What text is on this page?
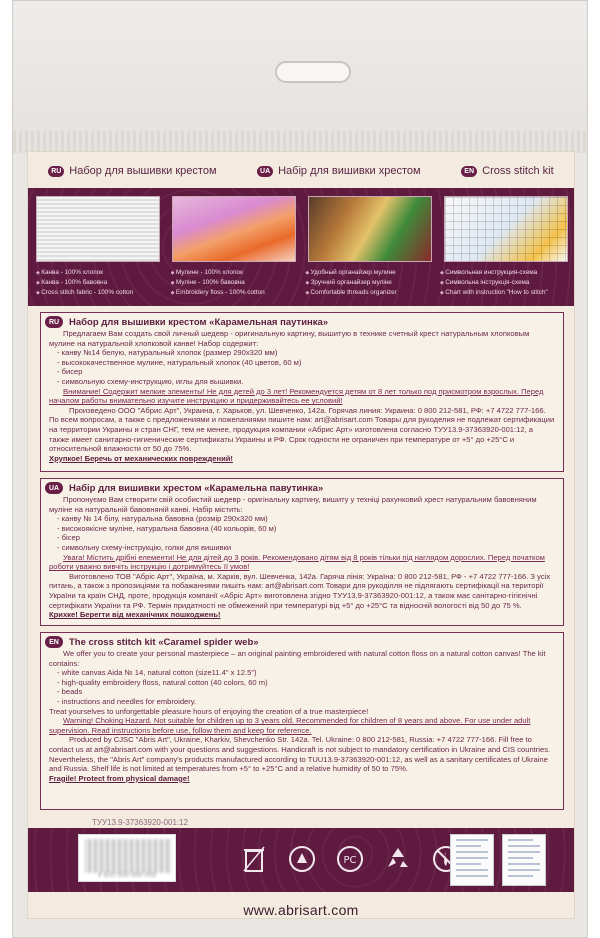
RU Набор для вышивки крестом	UA Набір для вишивки хрестом	EN Cross stitch kit
◆ Канва - 100% хлопок
◆ Канва - 100% бавовна
◆ Cross stitch fabric - 100% cotton
◆ Мулине - 100% хлопок
◆ Муліне - 100% бавовна
◆ Embroidery floss - 100% cotton
◆ Удобный органайзер мулине
◆ Зручний органайзер муліне
◆ Comfortable threads organizer
◆ Символьная инструкция-схема
◆ Символьна інструкція-схема
◆ Chart with instruction "How to stitch"
RU	Набор для вышивки крестом «Карамельная паутинка»

Предлагаем Вам создать свой личный шедевр - оригинальную картину, вышитую в технике счетный крест натуральным хлопковым мулине на натуральной хлопковой канве! Набор содержит:

- канву №14 белую, натуральный хлопок (размер 290x320 мм)

- высококачественное мулине, натуральный хлопок (40 цветов, 60 м)

- бисер

- символьную схему-инструкцию, иглы для вышивки.

Внимание! Содержит мелкие элементы! Не для детей до 3 лет! Рекомендуется детям от 8 лет только под присмотром взрослых. Перед началом работы внимательно изучите инструкцию и придерживайтесь ее условий!

Произведено ООО "Абрис Арт", Украина, г. Харьков, ул. Шевченко, 142а. Горячая линия: Украина: 0 800 212-581, РФ: +7 4722 777-166. По всем вопросам, а также с предложениями и пожеланиями пишите нам: art@abrisart.com Товары для рукоделия не подлежат сертификации на территории Украины и стран СНГ, тем не менее, продукция компании «Абрис Арт» изготовлена согласно ТУУ13.9-37363920-001:12, а также имеет санитарно-гигиенические сертификаты Украины и РФ. Срок годности не ограничен при температуре от +5° до +25°С и относительной влажности от 50 до 75%.

Хрупкое! Беречь от механических повреждений!

UA	Набір для вишивки хрестом «Карамельна павутинка»

Пропонуємо Вам створити свій особистий шедевр - оригінальну картину, вишиту у техніці рахунковий хрест натуральним бавовняним муліне на натуральній бавовняній канві. Набір містить:

- канву № 14 білу, натуральна бавовна (розмір 290x320 мм)

- високоякісне муліне, натуральна бавовна (40 кольорів, 60 м)

- бісер

- символьну схему-інструкцію, голки для вишивки

Увага! Містить дрібні елементи! Не для дітей до 3 років. Рекомендовано дітям від 8 років тільки під наглядом дорослих. Перед початком роботи уважно вивчіть інструкцію і дотримуйтесь її умов!

Виготовлено ТОВ "Абріс Арт", Україна, м. Харків, вул. Шевченка, 142а. Гаряча лінія: Україна: 0 800 212-581, РФ - +7 4722 777-166. З усіх питань, а також з пропозиціями та побажаннями пишіть нам: art@abrisart.com Товари для рукоділля не підлягають сертифікації на території України та країн СНД, проте, продукція компанії «Абріс Арт» виготовлена згідно ТУУ13.9-37363920-001:12, а також має санітарно-гігієнічні сертифікати України та РФ. Термін придатності не обмежений при температурі від +5° до +25°С та відносній вологості від 50 до 75 %.

Крихке! Берегти від механічних пошкоджень!

EN	The cross stitch kit «Caramel spider web»

We offer you to create your personal masterpiece – an original painting embroidered with natural cotton floss on a natural cotton canvas! The kit contains:

- white canvas Aida № 14, natural cotton (size11.4" x 12.5")

- high-quality embroidery floss, natural cotton (40 colors, 60 m)

- beads

- instructions and needles for embroidery.

Treat yourselves to unforgettable pleasure hours of enjoying the creation of a true masterpiece!

Warning! Choking Hazard. Not suitable for children up to 3 years old. Recommended for children of 8 years and above. For use under adult supervision. Read instructions before use, follow them and keep for reference.

Produced by CJSC "Abris Art", Ukraine, Kharkiv, Shevchenko Str. 142a. Tel. Ukraine: 0 800 212-581, Russia: +7 4722 777-166. Fill free to contact us at art@abrisart.com with your questions and suggestions. Handicraft is not subject to mandatory certification in Ukraine and CIS countries. Nevertheless, the "Abris Art" company's products manufactured according to TUU13.9-37363920-001:12, as well as a sanitary certificates of Ukraine and Russia. Shelf life is not limited at temperatures from +5° to +25°C and a relative humidity of 50 to 75%.

Fragile! Protect from physical damage!

ТУУ13.9-37363920-001:12
4 820 000 000 000
PC
www.abrisart.com
